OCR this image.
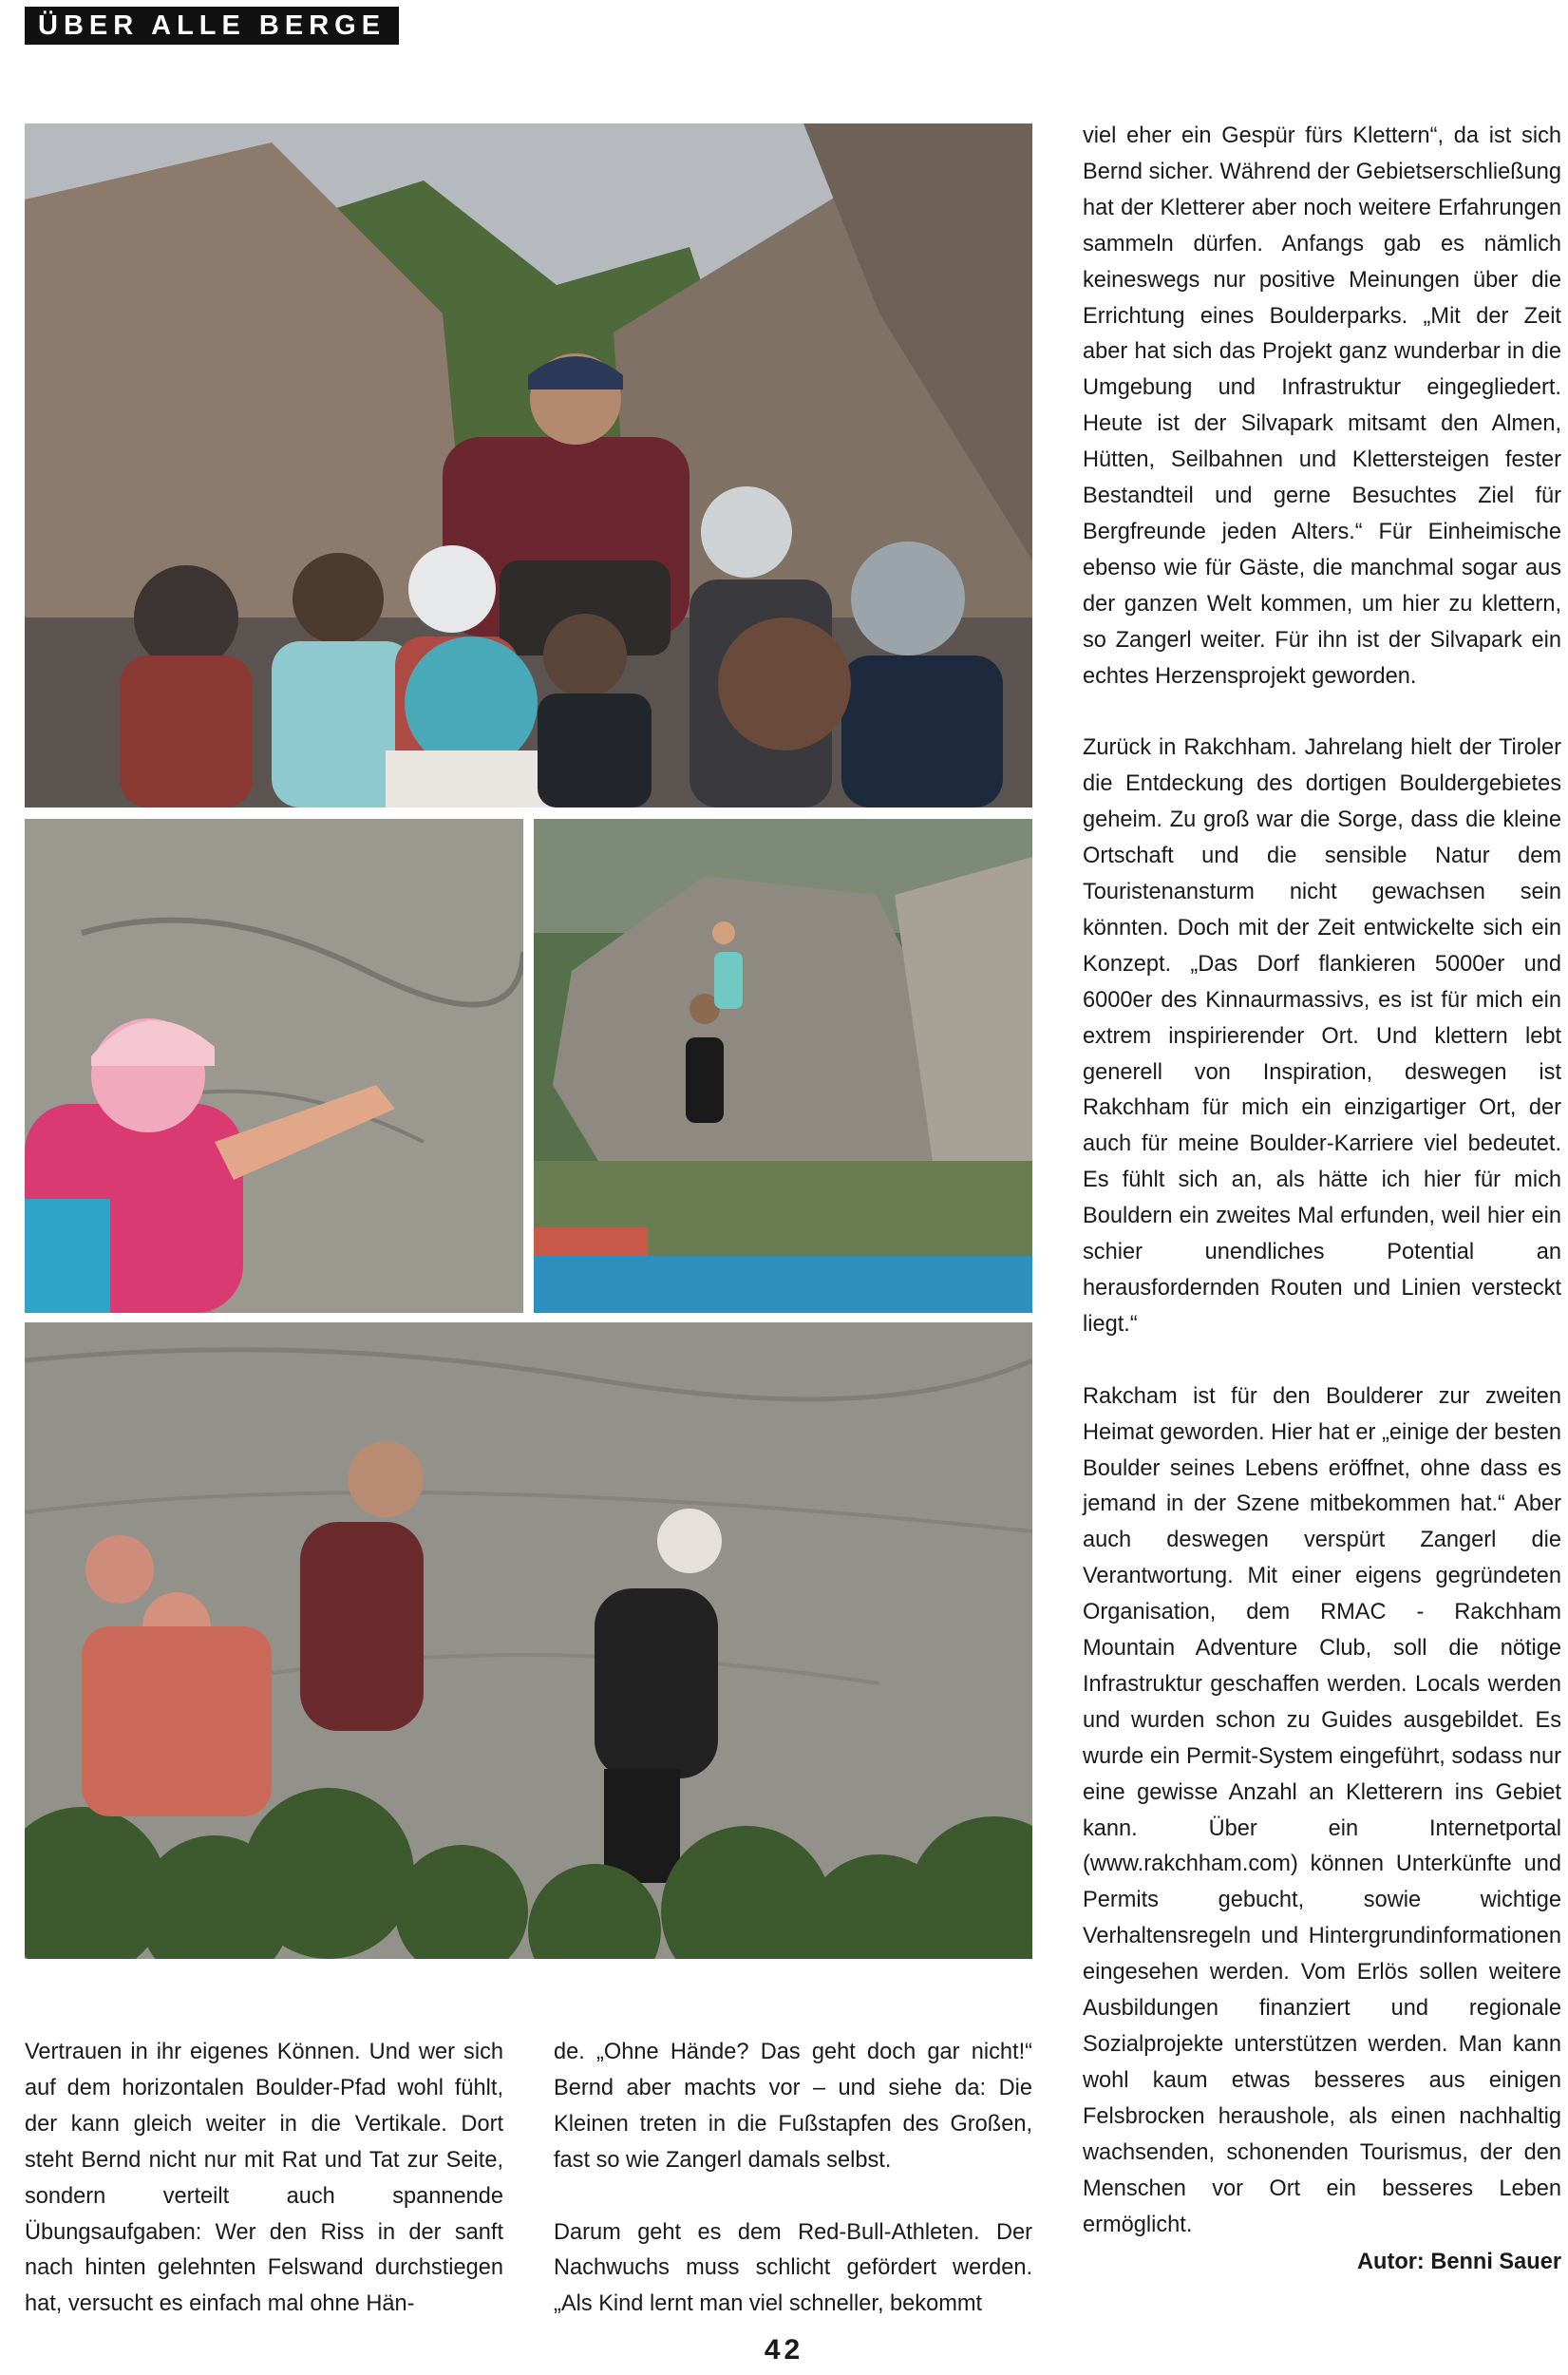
ÜBER ALLE BERGE

viel eher ein Gespür fürs Klettern“, da ist sich Bernd sicher. Während der Gebietserschließung hat der Kletterer aber noch weitere Erfahrungen sammeln dürfen. Anfangs gab es nämlich keineswegs nur positive Meinungen über die Errichtung eines Boulderparks. „Mit der Zeit aber hat sich das Projekt ganz wunderbar in die Umgebung und Infrastruktur eingegliedert. Heute ist der Silvapark mitsamt den Almen, Hütten, Seilbahnen und Klettersteigen fester Bestandteil und gerne Besuchtes Ziel für Bergfreunde jeden Alters.“ Für Einheimische ebenso wie für Gäste, die manchmal sogar aus der ganzen Welt kommen, um hier zu klettern, so Zangerl weiter. Für ihn ist der Silvapark ein echtes Herzensprojekt geworden.

Zurück in Rakchham. Jahrelang hielt der Tiroler die Entdeckung des dortigen Bouldergebietes geheim. Zu groß war die Sorge, dass die kleine Ortschaft und die sensible Natur dem Touristenansturm nicht gewachsen sein könnten. Doch mit der Zeit entwickelte sich ein Konzept. „Das Dorf flankieren 5000er und 6000er des Kinnaurmassivs, es ist für mich ein extrem inspirierender Ort. Und klettern lebt generell von Inspiration, deswegen ist Rakchham für mich ein einzigartiger Ort, der auch für meine Boulder-Karriere viel bedeutet. Es fühlt sich an, als hätte ich hier für mich Bouldern ein zweites Mal erfunden, weil hier ein schier unendliches Potential an herausfordernden Routen und Linien versteckt liegt.“

Rakcham ist für den Boulderer zur zweiten Heimat geworden. Hier hat er „einige der besten Boulder seines Lebens eröffnet, ohne dass es jemand in der Szene mitbekommen hat.“ Aber auch deswegen verspürt Zangerl die Verantwortung. Mit einer eigens gegründeten Organisation, dem RMAC - Rakchham Mountain Adventure Club, soll die nötige Infrastruktur geschaffen werden. Locals werden und wurden schon zu Guides ausgebildet. Es wurde ein Permit-System eingeführt, sodass nur eine gewisse Anzahl an Kletterern ins Gebiet kann. Über ein Internetportal (www.rakchham.com) können Unterkünfte und Permits gebucht, sowie wichtige Verhaltensregeln und Hintergrundinformationen eingesehen werden. Vom Erlös sollen weitere Ausbildungen finanziert und regionale Sozialprojekte unterstützen werden. Man kann wohl kaum etwas besseres aus einigen Felsbrocken heraushole, als einen nachhaltig wachsenden, schonenden Tourismus, der den Menschen vor Ort ein besseres Leben ermöglicht.

Autor: Benni Sauer

Vertrauen in ihr eigenes Können. Und wer sich auf dem horizontalen Boulder-Pfad wohl fühlt, der kann gleich weiter in die Vertikale. Dort steht Bernd nicht nur mit Rat und Tat zur Seite, sondern verteilt auch spannende Übungsaufgaben: Wer den Riss in der sanft nach hinten gelehnten Felswand durchstiegen hat, versucht es einfach mal ohne Hän-

de. „Ohne Hände? Das geht doch gar nicht!“ Bernd aber machts vor – und siehe da: Die Kleinen treten in die Fußstapfen des Großen, fast so wie Zangerl damals selbst.

Darum geht es dem Red-Bull-Athleten. Der Nachwuchs muss schlicht gefördert werden. „Als Kind lernt man viel schneller, bekommt

42
